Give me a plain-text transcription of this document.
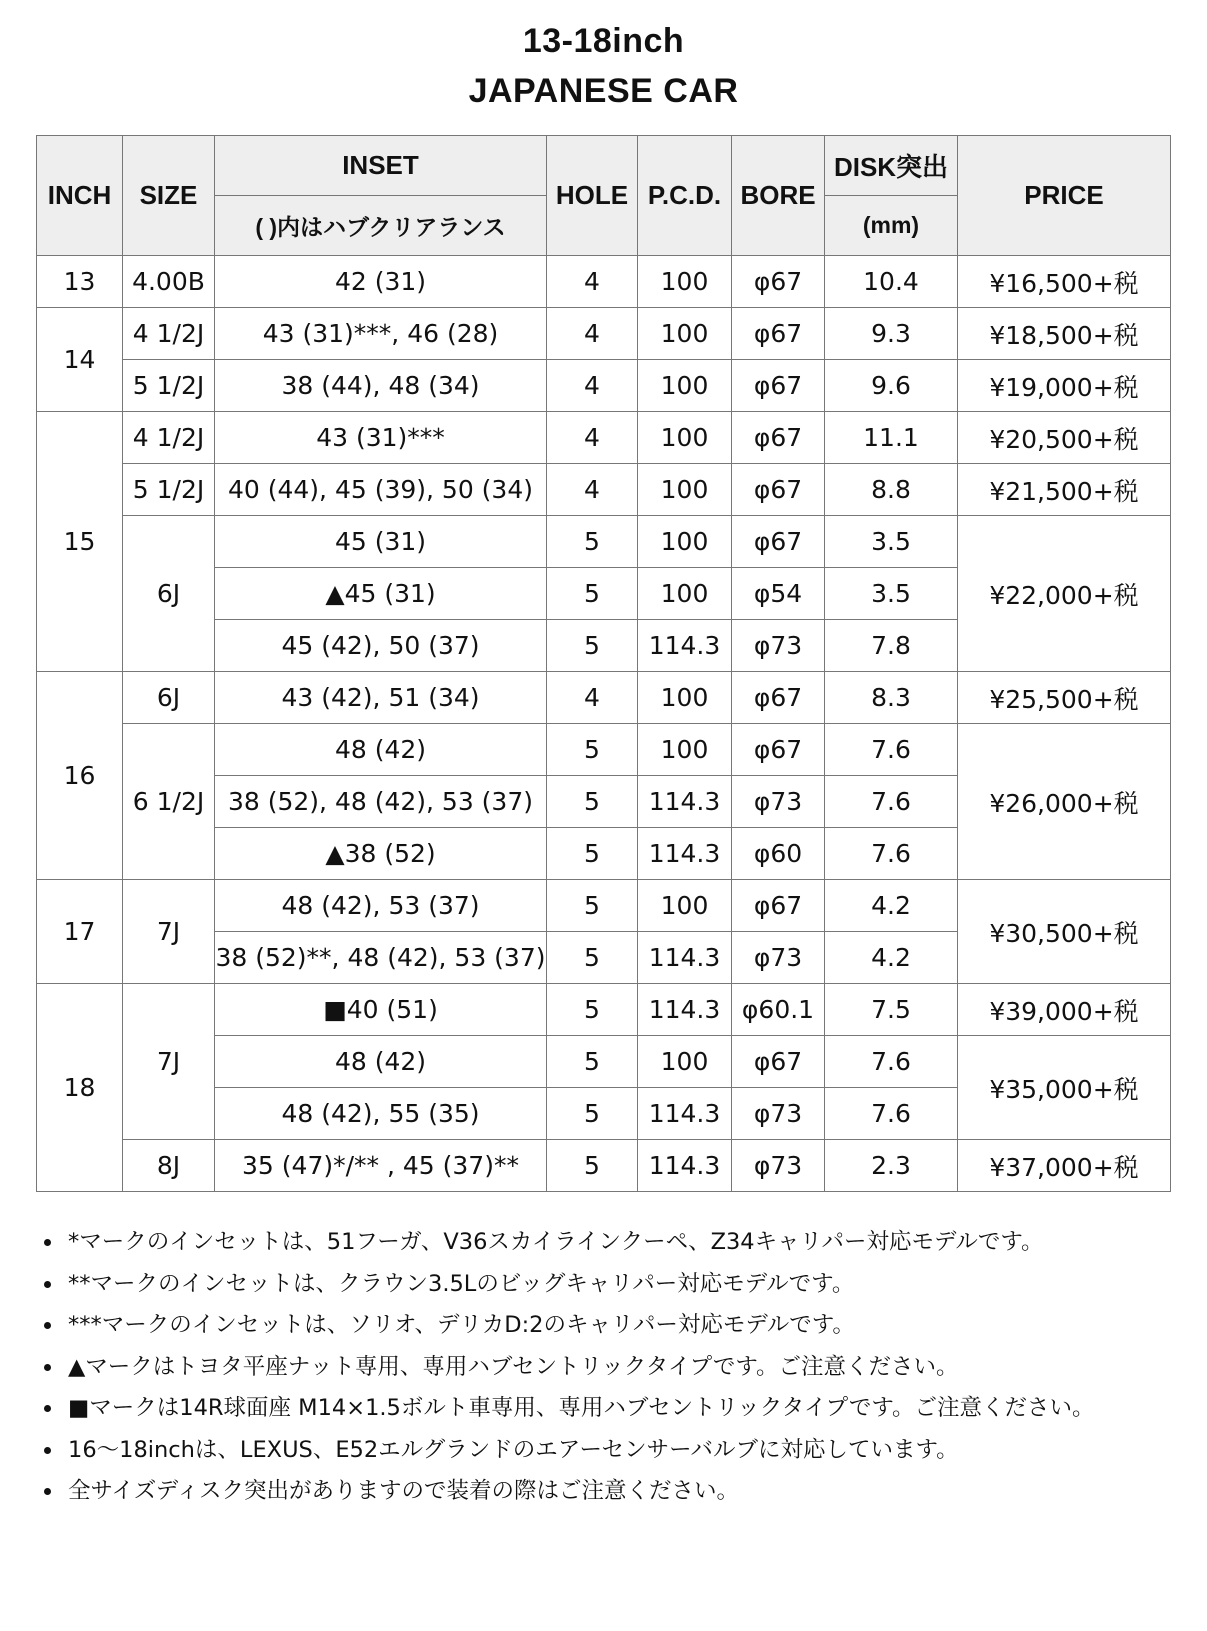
13-18inch
JAPANESE CAR
INCH	SIZE	INSET	HOLE	P.C.D.	BORE	DISK突出	PRICE
		( )内はハブクリアランス				(mm)	
13	4.00B	42 (31)	4	100	φ67	10.4	¥16,500+税
14	4 1/2J	43 (31)***, 46 (28)	4	100	φ67	9.3	¥18,500+税
	5 1/2J	38 (44), 48 (34)	4	100	φ67	9.6	¥19,000+税
15	4 1/2J	43 (31)***	4	100	φ67	11.1	¥20,500+税
	5 1/2J	40 (44), 45 (39), 50 (34)	4	100	φ67	8.8	¥21,500+税
	6J	45 (31)	5	100	φ67	3.5	¥22,000+税
		▲45 (31)	5	100	φ54	3.5	
		45 (42), 50 (37)	5	114.3	φ73	7.8	
16	6J	43 (42), 51 (34)	4	100	φ67	8.3	¥25,500+税
	6 1/2J	48 (42)	5	100	φ67	7.6	¥26,000+税
		38 (52), 48 (42), 53 (37)	5	114.3	φ73	7.6	
		▲38 (52)	5	114.3	φ60	7.6	
17	7J	48 (42), 53 (37)	5	100	φ67	4.2	¥30,500+税
		38 (52)**, 48 (42), 53 (37)	5	114.3	φ73	4.2	
18	7J	■40 (51)	5	114.3	φ60.1	7.5	¥39,000+税
		48 (42)	5	100	φ67	7.6	¥35,000+税
		48 (42), 55 (35)	5	114.3	φ73	7.6	
	8J	35 (47)*/** , 45 (37)**	5	114.3	φ73	2.3	¥37,000+税
• *マークのインセットは、51フーガ、V36スカイラインクーペ、Z34キャリパー対応モデルです。
• **マークのインセットは、クラウン3.5Lのビッグキャリパー対応モデルです。
• ***マークのインセットは、ソリオ、デリカD:2のキャリパー対応モデルです。
• ▲マークはトヨタ平座ナット専用、専用ハブセントリックタイプです。ご注意ください。
• ■マークは14R球面座 M14×1.5ボルト車専用、専用ハブセントリックタイプです。ご注意ください。
• 16〜18inchは、LEXUS、E52エルグランドのエアーセンサーバルブに対応しています。
• 全サイズディスク突出がありますので装着の際はご注意ください。
